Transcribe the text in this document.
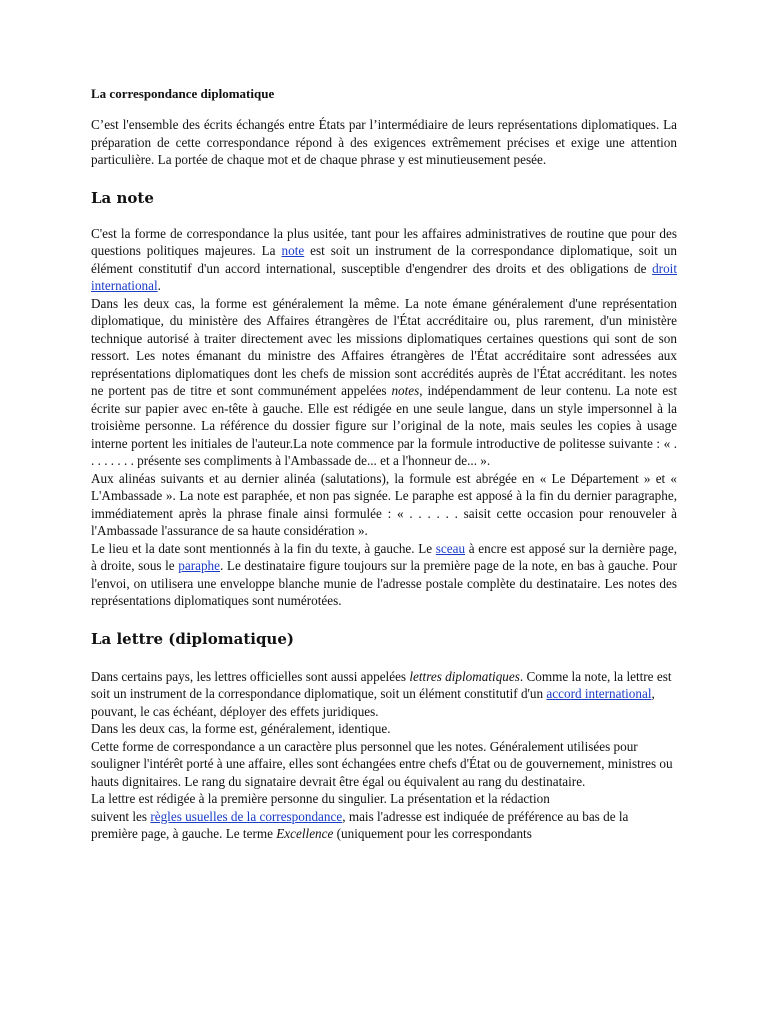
La correspondance diplomatique

C’est l'ensemble des écrits échangés entre États par l’intermédiaire de leurs représentations diplomatiques. La préparation de cette correspondance répond à des exigences extrêmement précises et exige une attention particulière. La portée de chaque mot et de chaque phrase y est minutieusement pesée.

La note

C'est la forme de correspondance la plus usitée, tant pour les affaires administratives de routine que pour des questions politiques majeures. La note est soit un instrument de la correspondance diplomatique, soit un élément constitutif d'un accord international, susceptible d'engendrer des droits et des obligations de droit international.

Dans les deux cas, la forme est généralement la même. La note émane généralement d'une représentation diplomatique, du ministère des Affaires étrangères de l'État accréditaire ou, plus rarement, d'un ministère technique autorisé à traiter directement avec les missions diplomatiques certaines questions qui sont de son ressort. Les notes émanant du ministre des Affaires étrangères de l'État accréditaire sont adressées aux représentations diplomatiques dont les chefs de mission sont accrédités auprès de l'État accréditant. les notes ne portent pas de titre et sont communément appelées notes, indépendamment de leur contenu. La note est écrite sur papier avec en-tête à gauche. Elle est rédigée en une seule langue, dans un style impersonnel à la troisième personne. La référence du dossier figure sur l’original de la note, mais seules les copies à usage interne portent les initiales de l'auteur.La note commence par la formule introductive de politesse suivante : « . . . . . . . . présente ses compliments à l'Ambassade de... et a l'honneur de... ».

Aux alinéas suivants et au dernier alinéa (salutations), la formule est abrégée en « Le Département » et « L'Ambassade ». La note est paraphée, et non pas signée. Le paraphe est apposé à la fin du dernier paragraphe, immédiatement après la phrase finale ainsi formulée : « . . . . . . saisit cette occasion pour renouveler à l'Ambassade l'assurance de sa haute considération ».

Le lieu et la date sont mentionnés à la fin du texte, à gauche. Le sceau à encre est apposé sur la dernière page, à droite, sous le paraphe. Le destinataire figure toujours sur la première page de la note, en bas à gauche. Pour l'envoi, on utilisera une enveloppe blanche munie de l'adresse postale complète du destinataire. Les notes des représentations diplomatiques sont numérotées.

La lettre (diplomatique)

Dans certains pays, les lettres officielles sont aussi appelées lettres diplomatiques. Comme la note, la lettre est soit un instrument de la correspondance diplomatique, soit un élément constitutif d'un accord international, pouvant, le cas échéant, déployer des effets juridiques.

Dans les deux cas, la forme est, généralement, identique.

Cette forme de correspondance a un caractère plus personnel que les notes. Généralement utilisées pour souligner l'intérêt porté à une affaire, elles sont échangées entre chefs d'État ou de gouvernement, ministres ou hauts dignitaires. Le rang du signataire devrait être égal ou équivalent au rang du destinataire.

La lettre est rédigée à la première personne du singulier. La présentation et la rédaction

suivent les règles usuelles de la correspondance, mais l'adresse est indiquée de préférence au bas de la première page, à gauche. Le terme Excellence (uniquement pour les correspondants
